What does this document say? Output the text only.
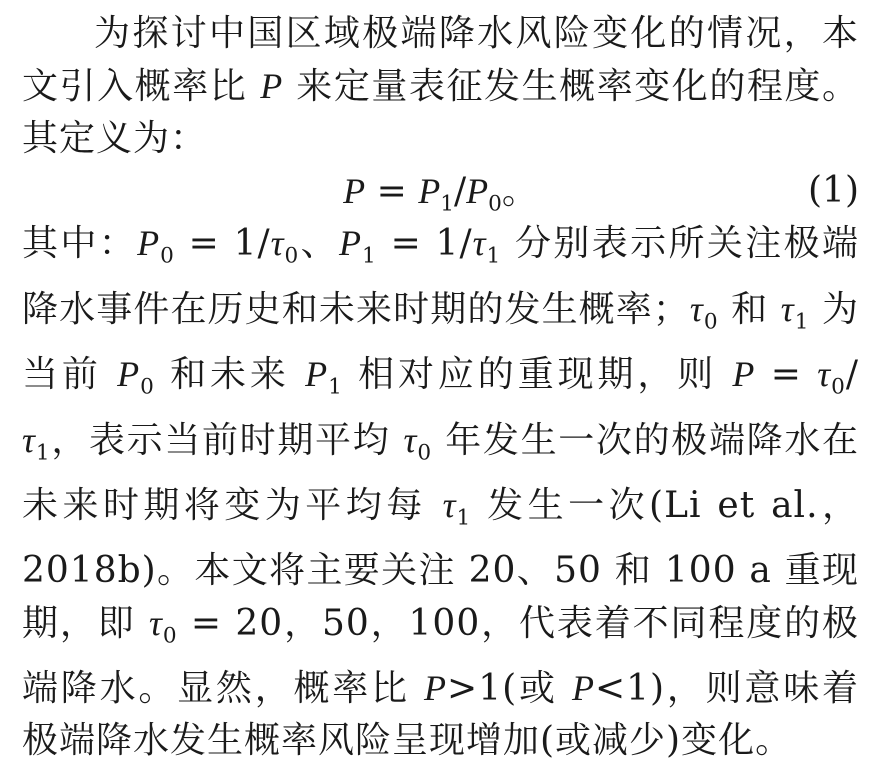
为探讨中国区域极端降水风险变化的情况，本文引入概率比 P 来定量表征发生概率变化的程度。其定义为：

$P = P_1/P_0$。	(1)

其中：$P_0 = 1/\tau_0$、$P_1 = 1/\tau_1$ 分别表示所关注极端降水事件在历史和未来时期的发生概率；$\tau_0$ 和 $\tau_1$ 为当前 $P_0$ 和未来 $P_1$ 相对应的重现期，则 $P = \tau_0/\tau_1$，表示当前时期平均 $\tau_0$ 年发生一次的极端降水在未来时期将变为平均每 $\tau_1$ 发生一次(Li et al.，2018b)。本文将主要关注 20、50 和 100 a 重现期，即 $\tau_0 = 20$，50，100，代表着不同程度的极端降水。显然，概率比 P>1(或 P<1)，则意味着极端降水发生概率风险呈现增加(或减少)变化。
